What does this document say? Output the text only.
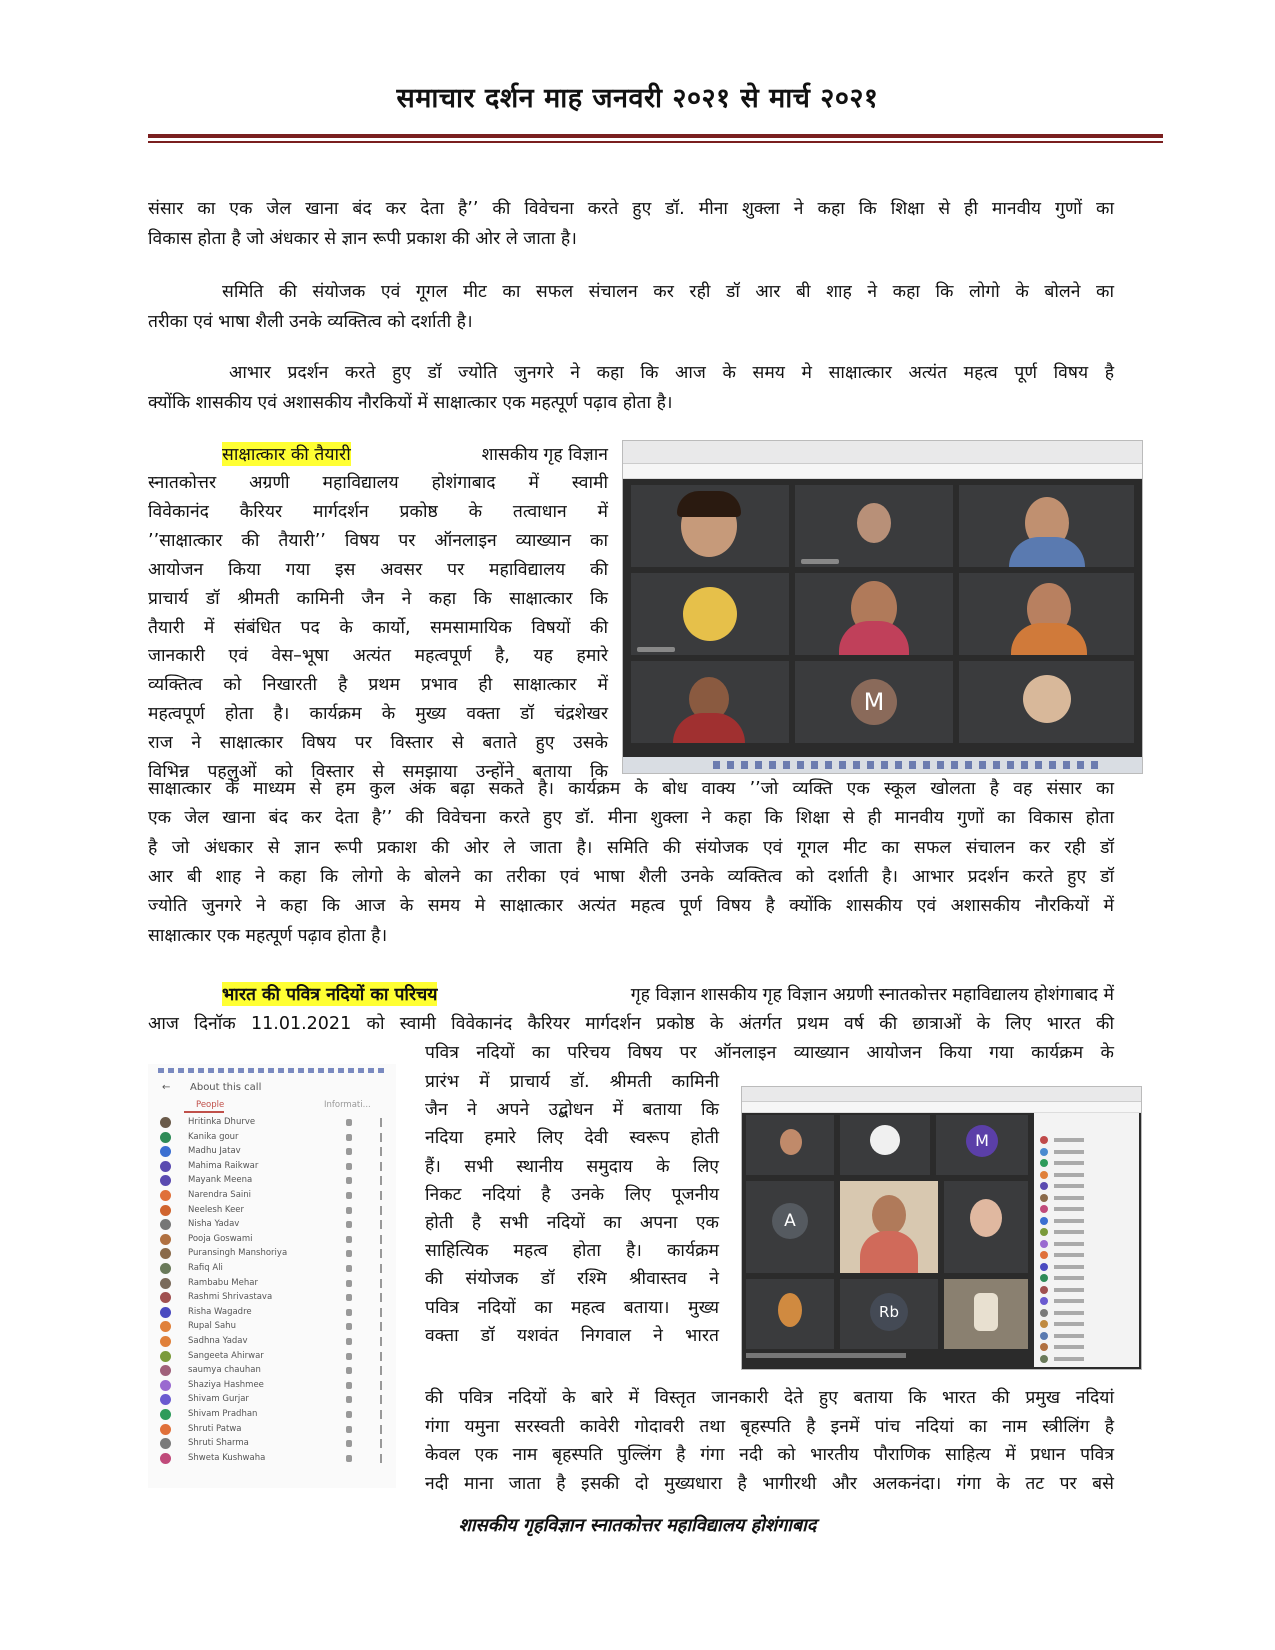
समाचार दर्शन माह जनवरी २०२१ से मार्च २०२१
संसार का एक जेल खाना बंद कर देता है’’ की विवेचना करते हुए डॉ. मीना शुक्ला ने कहा कि शिक्षा से ही मानवीय गुणों का
विकास होता है जो अंधकार से ज्ञान रूपी प्रकाश की ओर ले जाता है।
समिति की संयोजक एवं गूगल मीट का सफल संचालन कर रही डॉ आर बी शाह ने कहा कि लोगो के बोलने का
तरीका एवं भाषा शैली उनके व्यक्तित्व को दर्शाती है।
आभार प्रदर्शन करते हुए डॉ ज्योति जुनगरे ने कहा कि आज के समय मे साक्षात्कार अत्यंत महत्व पूर्ण विषय है
क्योंकि शासकीय एवं अशासकीय नौरकियों में साक्षात्कार एक महत्पूर्ण पढ़ाव होता है।
साक्षात्कार की तैयारी	शासकीय गृह विज्ञान
स्नातकोत्तर अग्रणी महाविद्यालय होशंगाबाद में स्वामी
विवेकानंद कैरियर मार्गदर्शन प्रकोष्ठ के तत्वाधान में
’’साक्षात्कार की तैयारी’’ विषय पर ऑनलाइन व्याख्यान का
आयोजन किया गया इस अवसर पर महाविद्यालय की
प्राचार्य डॉ श्रीमती कामिनी जैन ने कहा कि साक्षात्कार कि
तैयारी में संबंधित पद के कार्यो, समसामायिक विषयों की
जानकारी एवं वेस–भूषा अत्यंत महत्वपूर्ण है, यह हमारे
व्यक्तित्व को निखारती है प्रथम प्रभाव ही साक्षात्कार में
महत्वपूर्ण होता है। कार्यक्रम के मुख्य वक्ता डॉ चंद्रशेखर
राज ने साक्षात्कार विषय पर विस्तार से बताते हुए उसके
विभिन्न पहलुओं को विस्तार से समझाया उन्होंने बताया कि
M
साक्षात्कार के माध्यम से हम कुल अंक बढ़ा सकते है। कार्यक्रम के बोध वाक्य ’’जो व्यक्ति एक स्कूल खोलता है वह संसार का
एक जेल खाना बंद कर देता है’’ की विवेचना करते हुए डॉ. मीना शुक्ला ने कहा कि शिक्षा से ही मानवीय गुणों का विकास होता
है जो अंधकार से ज्ञान रूपी प्रकाश की ओर ले जाता है। समिति की संयोजक एवं गूगल मीट का सफल संचालन कर रही डॉ
आर बी शाह ने कहा कि लोगो के बोलने का तरीका एवं भाषा शैली उनके व्यक्तित्व को दर्शाती है। आभार प्रदर्शन करते हुए डॉ
ज्योति जुनगरे ने कहा कि आज के समय मे साक्षात्कार अत्यंत महत्व पूर्ण विषय है क्योंकि शासकीय एवं अशासकीय नौरकियों में
साक्षात्कार एक महत्पूर्ण पढ़ाव होता है।
भारत की पवित्र नदियों का परिचय	गृह विज्ञान शासकीय गृह विज्ञान अग्रणी स्नातकोत्तर महाविद्यालय होशंगाबाद में
आज दिनॉक 11.01.2021 को स्वामी विवेकानंद कैरियर मार्गदर्शन प्रकोष्ठ के अंतर्गत प्रथम वर्ष की छात्राओं के लिए भारत की
पवित्र नदियों का परिचय विषय पर ऑनलाइन व्याख्यान आयोजन किया गया कार्यक्रम के
← About this call
People	Informati...
Hritinka Dhurve
Kanika gour
Madhu Jatav
Mahima Raikwar
Mayank Meena
Narendra Saini
Neelesh Keer
Nisha Yadav
Pooja Goswami
Puransingh Manshoriya
Rafiq Ali
Rambabu Mehar
Rashmi Shrivastava
Risha Wagadre
Rupal Sahu
Sadhna Yadav
Sangeeta Ahirwar
saumya chauhan
Shaziya Hashmee
Shivam Gurjar
Shivam Pradhan
Shruti Patwa
Shruti Sharma
Shweta Kushwaha
प्रारंभ में प्राचार्य डॉ. श्रीमती कामिनी
जैन ने अपने उद्बोधन में बताया कि
नदिया हमारे लिए देवी स्वरूप होती
हैं। सभी स्थानीय समुदाय के लिए
निकट नदियां है उनके लिए पूजनीय
होती है सभी नदियों का अपना एक
साहित्यिक महत्व होता है। कार्यक्रम
की संयोजक डॉ रश्मि श्रीवास्तव ने
पवित्र नदियों का महत्व बताया। मुख्य
वक्ता डॉ यशवंत निगवाल ने भारत
M
A
Rb
की पवित्र नदियों के बारे में विस्तृत जानकारी देते हुए बताया कि भारत की प्रमुख नदियां
गंगा यमुना सरस्वती कावेरी गोदावरी तथा बृहस्पति है इनमें पांच नदियां का नाम स्त्रीलिंग है
केवल एक नाम बृहस्पति पुल्लिंग है गंगा नदी को भारतीय पौराणिक साहित्य में प्रधान पवित्र
नदी माना जाता है इसकी दो मुख्यधारा है भागीरथी और अलकनंदा। गंगा के तट पर बसे
शासकीय गृहविज्ञान स्नातकोत्तर महाविद्यालय होशंगाबाद
